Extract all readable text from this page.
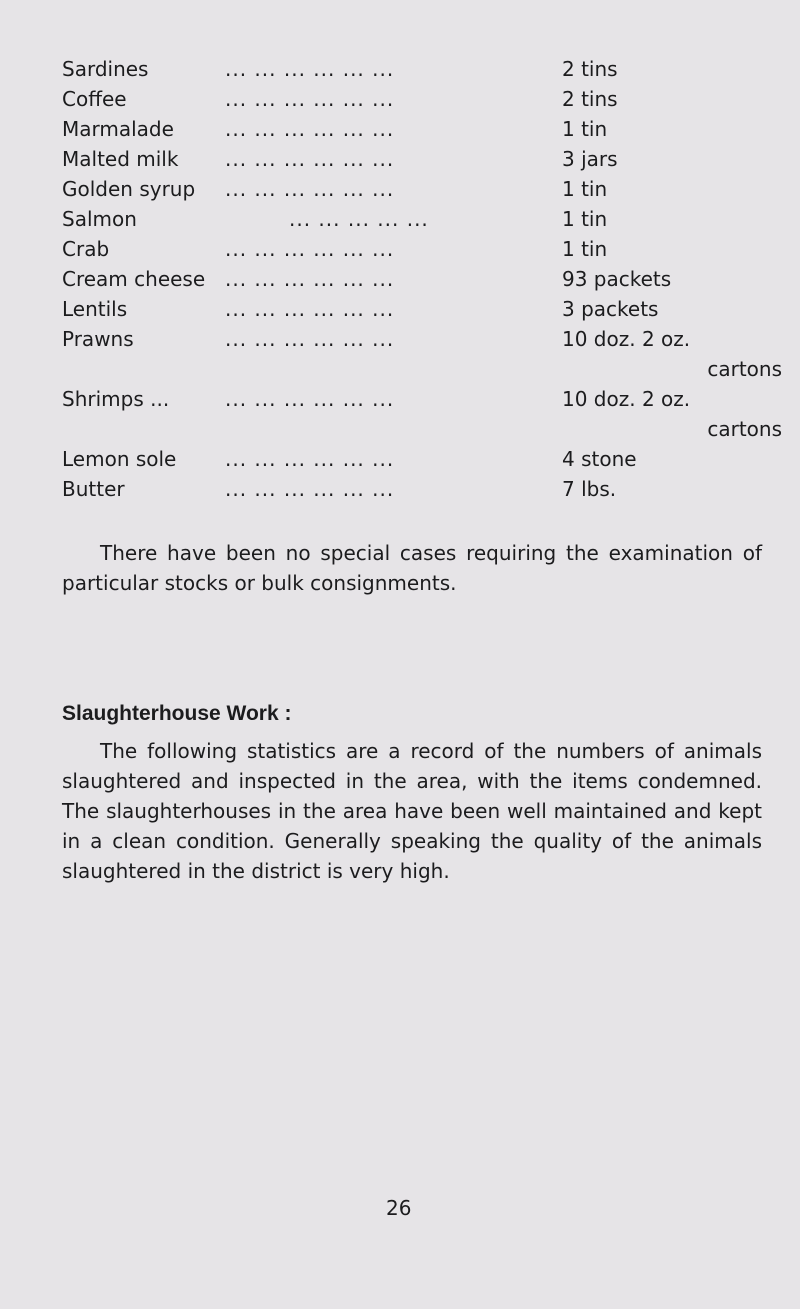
Sardines	... ... ... ... ... ...	2 tins
Coffee	... ... ... ... ... ...	2 tins
Marmalade	... ... ... ... ... ...	1 tin
Malted milk ... ... ... ... ... ...	3 jars
Golden syrup ... ... ... ... ... ...	1 tin
Salmon	... ... ... ... ...	1 tin
Crab	... ... ... ... ... ...	1 tin
Cream cheese ... ... ... ... ... ...	93 packets
Lentils	... ... ... ... ... ...	3 packets
Prawns	... ... ... ... ... ...	10 doz. 2 oz.
cartons
Shrimps ...	... ... ... ... ... ...	10 doz. 2 oz.
cartons
Lemon sole ... ... ... ... ... ...	4 stone
Butter	... ... ... ... ... ...	7 lbs.

There have been no special cases requiring the examination of particular stocks or bulk consignments.

Slaughterhouse Work :

The following statistics are a record of the numbers of animals slaughtered and inspected in the area, with the items condemned. The slaughterhouses in the area have been well maintained and kept in a clean condition. Generally speaking the quality of the animals slaughtered in the district is very high.

26
